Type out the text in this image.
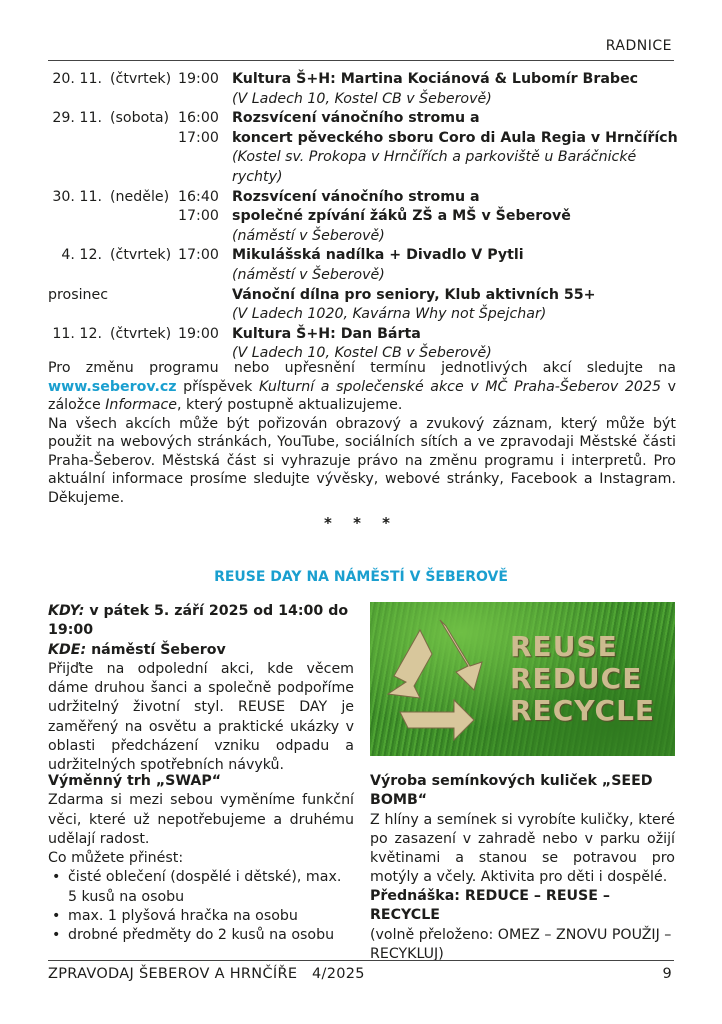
RADNICE
20. 11. (čtvrtek) 19:00 Kultura Š+H: Martina Kociánová & Lubomír Brabec
(V Ladech 10, Kostel CB v Šeberově)
29. 11. (sobota) 16:00 Rozsvícení vánočního stromu a
17:00 koncert pěveckého sboru Coro di Aula Regia v Hrnčířích
(Kostel sv. Prokopa v Hrnčířích a parkoviště u Baráčnické rychty)
30. 11. (neděle) 16:40 Rozsvícení vánočního stromu a
17:00 společné zpívání žáků ZŠ a MŠ v Šeberově
(náměstí v Šeberově)
4. 12. (čtvrtek) 17:00 Mikulášská nadílka + Divadlo V Pytli
(náměstí v Šeberově)
prosinec	Vánoční dílna pro seniory, Klub aktivních 55+
(V Ladech 1020, Kavárna Why not Špejchar)
11. 12. (čtvrtek) 19:00 Kultura Š+H: Dan Bárta
(V Ladech 10, Kostel CB v Šeberově)

Pro změnu programu nebo upřesnění termínu jednotlivých akcí sledujte na www.seberov.cz příspěvek Kulturní a společenské akce v MČ Praha-Šeberov 2025 v záložce Informace, který postupně aktualizujeme.

Na všech akcích může být pořizován obrazový a zvukový záznam, který může být použit na webových stránkách, YouTube, sociálních sítích a ve zpravodaji Městské části Praha-Šeberov. Městská část si vyhrazuje právo na změnu programu i interpretů. Pro aktuální informace prosíme sledujte vývěsky, webové stránky, Facebook a Instagram. Děkujeme.

* * *
REUSE DAY NA NÁMĚSTÍ V ŠEBEROVĚ
KDY: v pátek 5. září 2025 od 14:00 do 19:00
KDE: náměstí Šeberov
Přijďte na odpolední akci, kde věcem dáme druhou šanci a společně podpoříme udržitelný životní styl. REUSE DAY je zaměřený na osvětu a praktické ukázky v oblasti předcházení vzniku odpadu a udržitelných spotřebních návyků.
REUSE
REDUCE
RECYCLE
Výměnný trh „SWAP“
Zdarma si mezi sebou vyměníme funkční věci, které už nepotřebujeme a druhému udělají radost.
Co můžete přinést:
• čisté oblečení (dospělé i dětské), max. 5 kusů na osobu
• max. 1 plyšová hračka na osobu
• drobné předměty do 2 kusů na osobu
Výroba semínkových kuliček „SEED BOMB“
Z hlíny a semínek si vyrobíte kuličky, které po zasazení v zahradě nebo v parku ožijí květinami a stanou se potravou pro motýly a včely. Aktivita pro děti i dospělé.
Přednáška: REDUCE – REUSE – RECYCLE
(volně přeloženo: OMEZ – ZNOVU POUŽIJ – RECYKLUJ)
ZPRAVODAJ ŠEBEROV A HRNČÍŘE 4/2025	9
